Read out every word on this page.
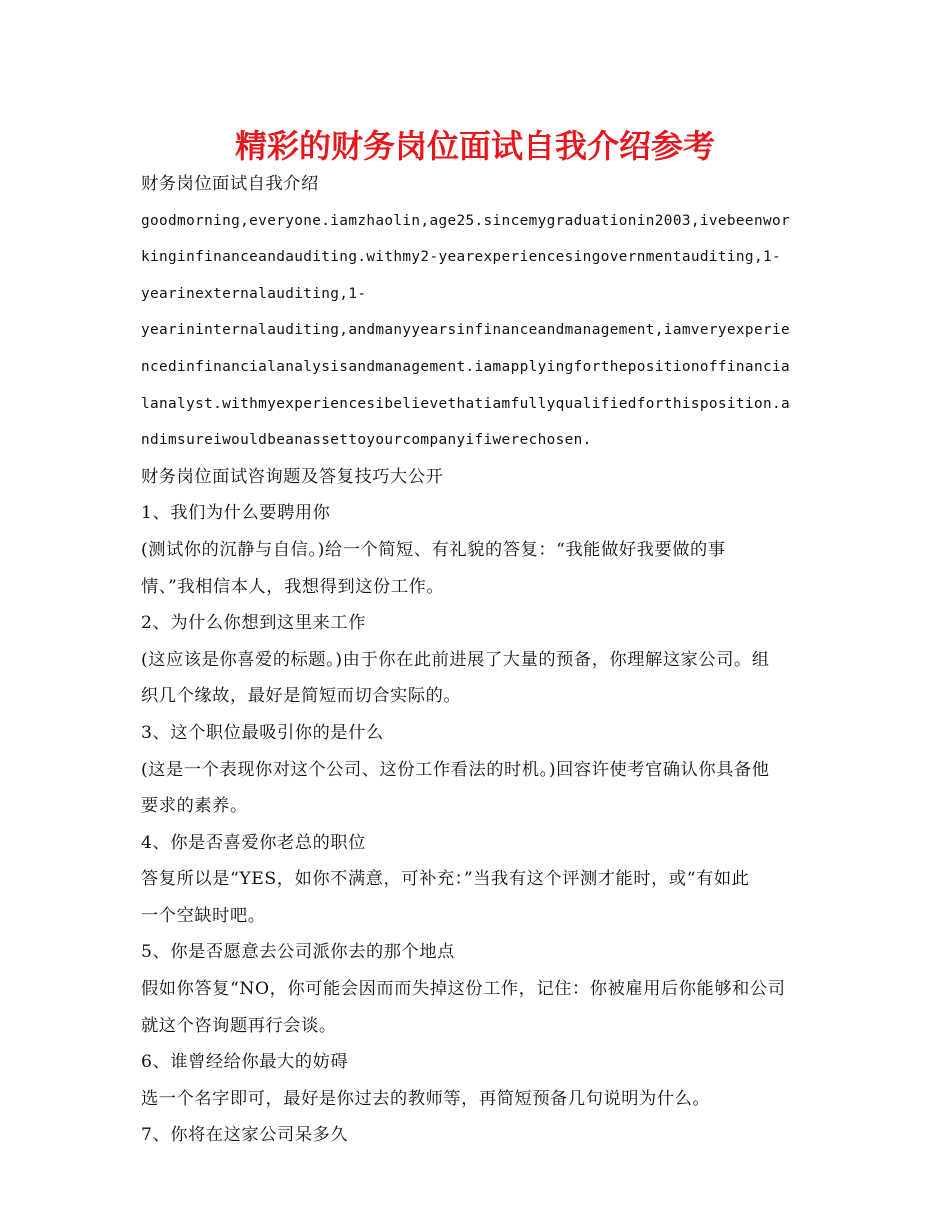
精彩的财务岗位面试自我介绍参考
财务岗位面试自我介绍
goodmorning,everyone.iamzhaolin,age25.sincemygraduationin2003,ivebeenwor
kinginfinanceandauditing.withmy2-yearexperiencesingovernmentauditing,1-
yearinexternalauditing,1-
yearininternalauditing,andmanyyearsinfinanceandmanagement,iamveryexperie
ncedinfinancialanalysisandmanagement.iamapplyingforthepositionoffinancia
lanalyst.withmyexperiencesibelievethatiamfullyqualifiedforthisposition.a
ndimsureiwouldbeanassettoyourcompanyifiwerechosen.
财务岗位面试咨询题及答复技巧大公开
1、我们为什么要聘用你
(测试你的沉静与自信。)给一个简短、有礼貌的答复：“我能做好我要做的事
情、”我相信本人，我想得到这份工作。
2、为什么你想到这里来工作
(这应该是你喜爱的标题。)由于你在此前进展了大量的预备，你理解这家公司。组
织几个缘故，最好是简短而切合实际的。
3、这个职位最吸引你的是什么
(这是一个表现你对这个公司、这份工作看法的时机。)回容许使考官确认你具备他
要求的素养。
4、你是否喜爱你老总的职位
答复所以是“YES，如你不满意，可补充：”当我有这个评测才能时，或“有如此
一个空缺时吧。
5、你是否愿意去公司派你去的那个地点
假如你答复“NO，你可能会因而而失掉这份工作，记住：你被雇用后你能够和公司
就这个咨询题再行会谈。
6、谁曾经给你最大的妨碍
选一个名字即可，最好是你过去的教师等，再简短预备几句说明为什么。
7、你将在这家公司呆多久
